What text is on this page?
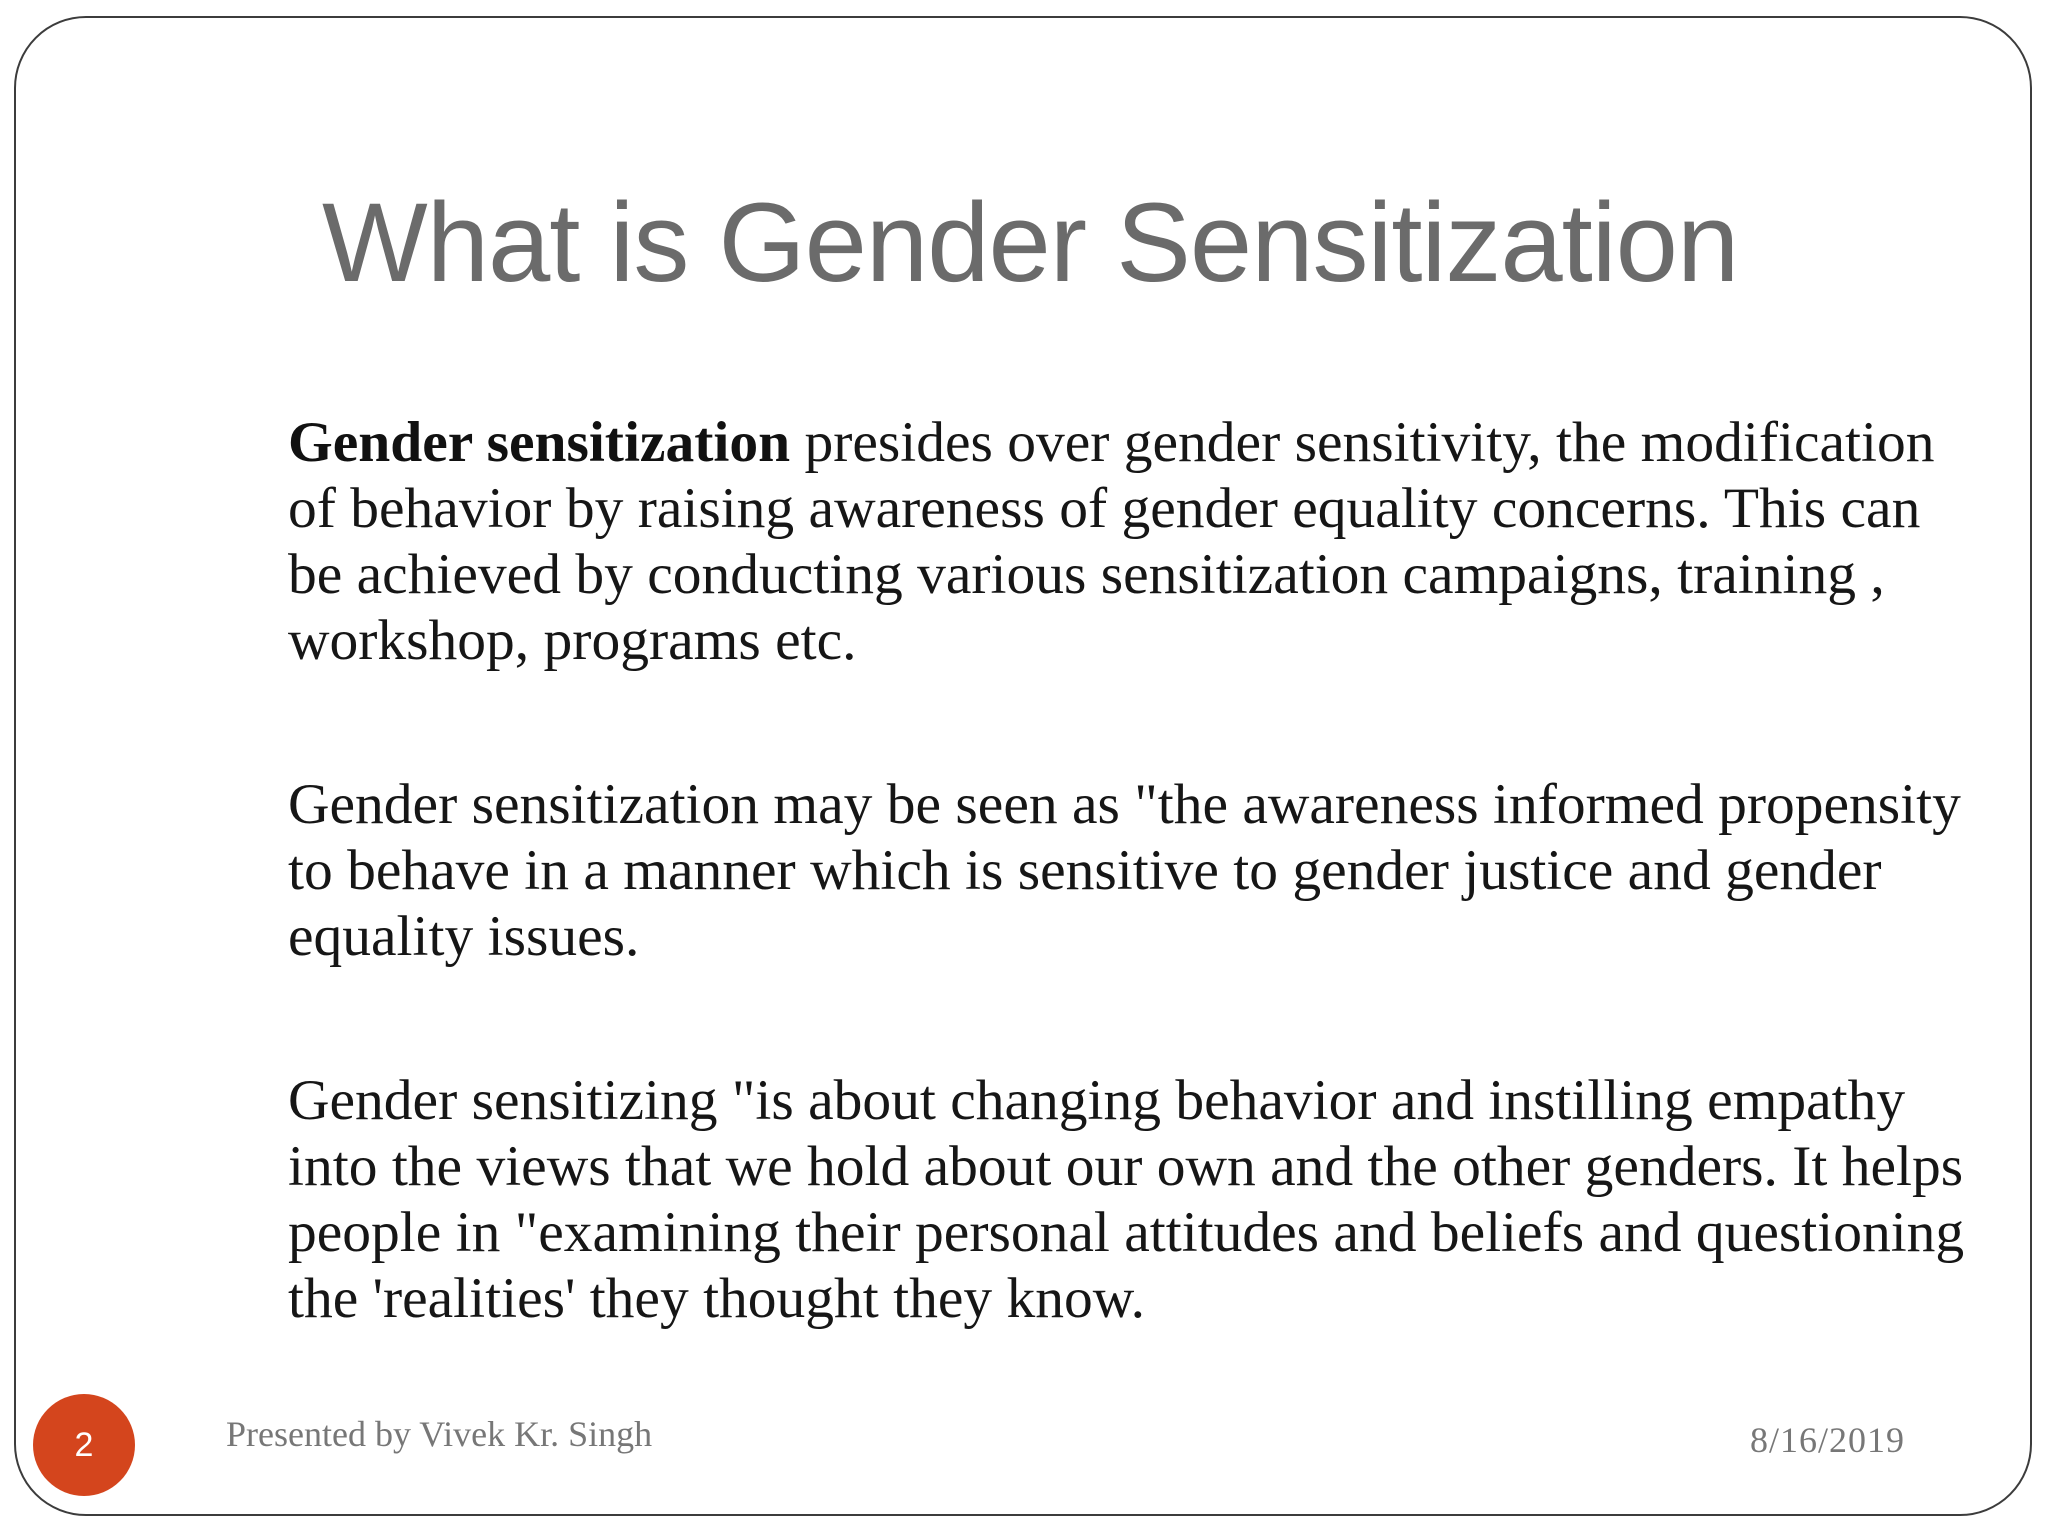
What is Gender Sensitization

Gender sensitization presides over gender sensitivity, the modification of behavior by raising awareness of gender equality concerns. This can be achieved by conducting various sensitization campaigns, training , workshop, programs etc.

Gender sensitization may be seen as "the awareness informed propensity to behave in a manner which is sensitive to gender justice and gender equality issues.

Gender sensitizing "is about changing behavior and instilling empathy into the views that we hold about our own and the other genders. It helps people in "examining their personal attitudes and beliefs and questioning the 'realities' they thought they know.

2	Presented by Vivek Kr. Singh	8/16/2019
